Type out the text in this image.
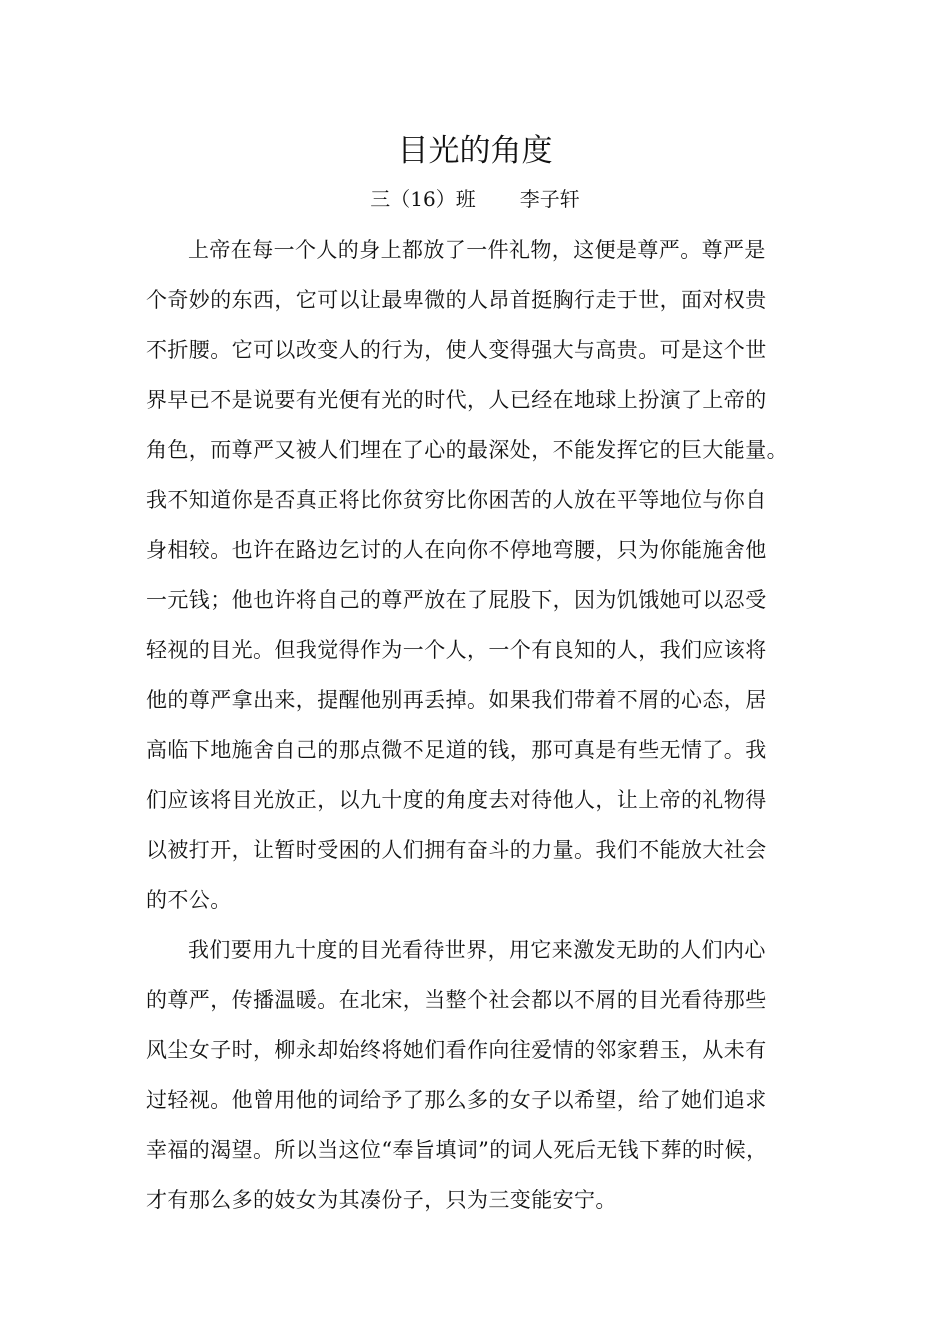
目光的角度
三（16）班 李子轩
上帝在每一个人的身上都放了一件礼物，这便是尊严。尊严是
个奇妙的东西，它可以让最卑微的人昂首挺胸行走于世，面对权贵
不折腰。它可以改变人的行为，使人变得强大与高贵。可是这个世
界早已不是说要有光便有光的时代，人已经在地球上扮演了上帝的
角色，而尊严又被人们埋在了心的最深处，不能发挥它的巨大能量。
我不知道你是否真正将比你贫穷比你困苦的人放在平等地位与你自
身相较。也许在路边乞讨的人在向你不停地弯腰，只为你能施舍他
一元钱；他也许将自己的尊严放在了屁股下，因为饥饿她可以忍受
轻视的目光。但我觉得作为一个人，一个有良知的人，我们应该将
他的尊严拿出来，提醒他别再丢掉。如果我们带着不屑的心态，居
高临下地施舍自己的那点微不足道的钱，那可真是有些无情了。我
们应该将目光放正，以九十度的角度去对待他人，让上帝的礼物得
以被打开，让暂时受困的人们拥有奋斗的力量。我们不能放大社会
的不公。
我们要用九十度的目光看待世界，用它来激发无助的人们内心
的尊严，传播温暖。在北宋，当整个社会都以不屑的目光看待那些
风尘女子时，柳永却始终将她们看作向往爱情的邻家碧玉，从未有
过轻视。他曾用他的词给予了那么多的女子以希望，给了她们追求
幸福的渴望。所以当这位“奉旨填词”的词人死后无钱下葬的时候，
才有那么多的妓女为其凑份子，只为三变能安宁。
